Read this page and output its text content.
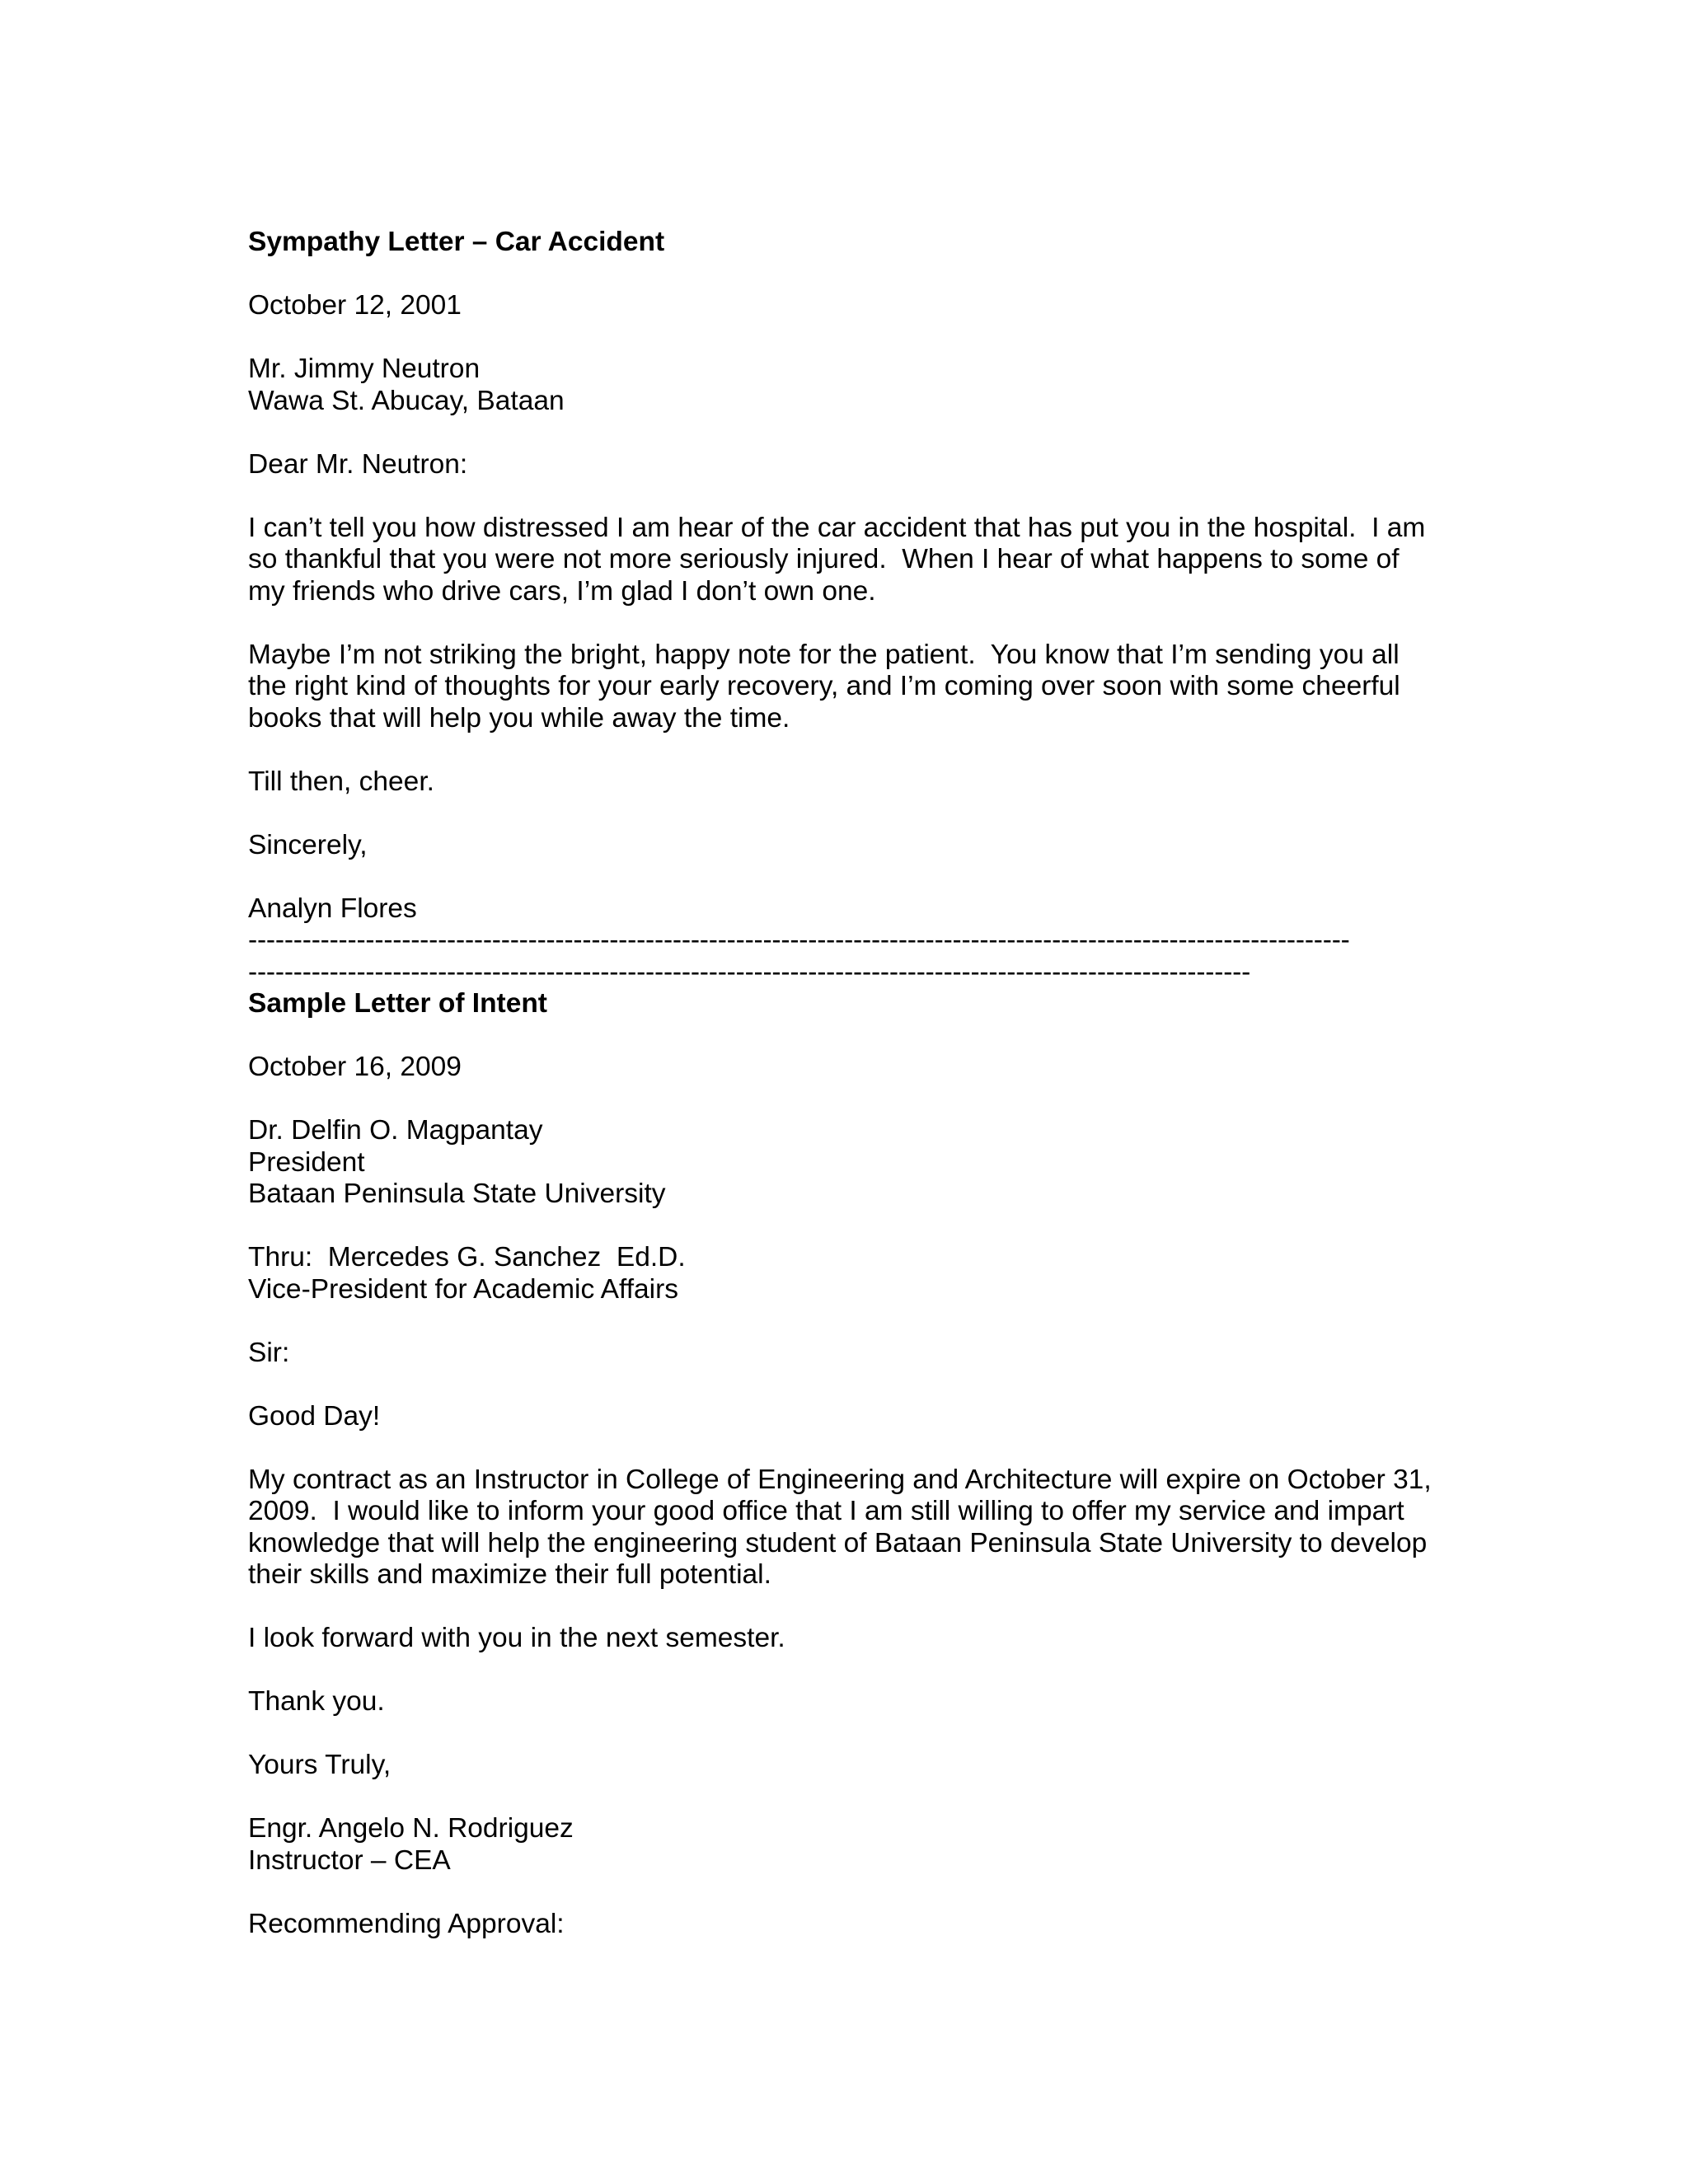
Sympathy Letter – Car Accident
October 12, 2001
Mr. Jimmy Neutron
Wawa St. Abucay, Bataan
Dear Mr. Neutron:
I can’t tell you how distressed I am hear of the car accident that has put you in the hospital.  I am
so thankful that you were not more seriously injured.  When I hear of what happens to some of
my friends who drive cars, I’m glad I don’t own one.
Maybe I’m not striking the bright, happy note for the patient.  You know that I’m sending you all
the right kind of thoughts for your early recovery, and I’m coming over soon with some cheerful
books that will help you while away the time.
Till then, cheer.
Sincerely,
Analyn Flores
--------------------------------------------------------------------------------------------------------------------------
---------------------------------------------------------------------------------------------------------------
Sample Letter of Intent
October 16, 2009
Dr. Delfin O. Magpantay
President
Bataan Peninsula State University
Thru:  Mercedes G. Sanchez  Ed.D.
Vice-President for Academic Affairs
Sir:
Good Day!
My contract as an Instructor in College of Engineering and Architecture will expire on October 31,
2009.  I would like to inform your good office that I am still willing to offer my service and impart
knowledge that will help the engineering student of Bataan Peninsula State University to develop
their skills and maximize their full potential.
I look forward with you in the next semester.
Thank you.
Yours Truly,
Engr. Angelo N. Rodriguez
Instructor – CEA
Recommending Approval:
